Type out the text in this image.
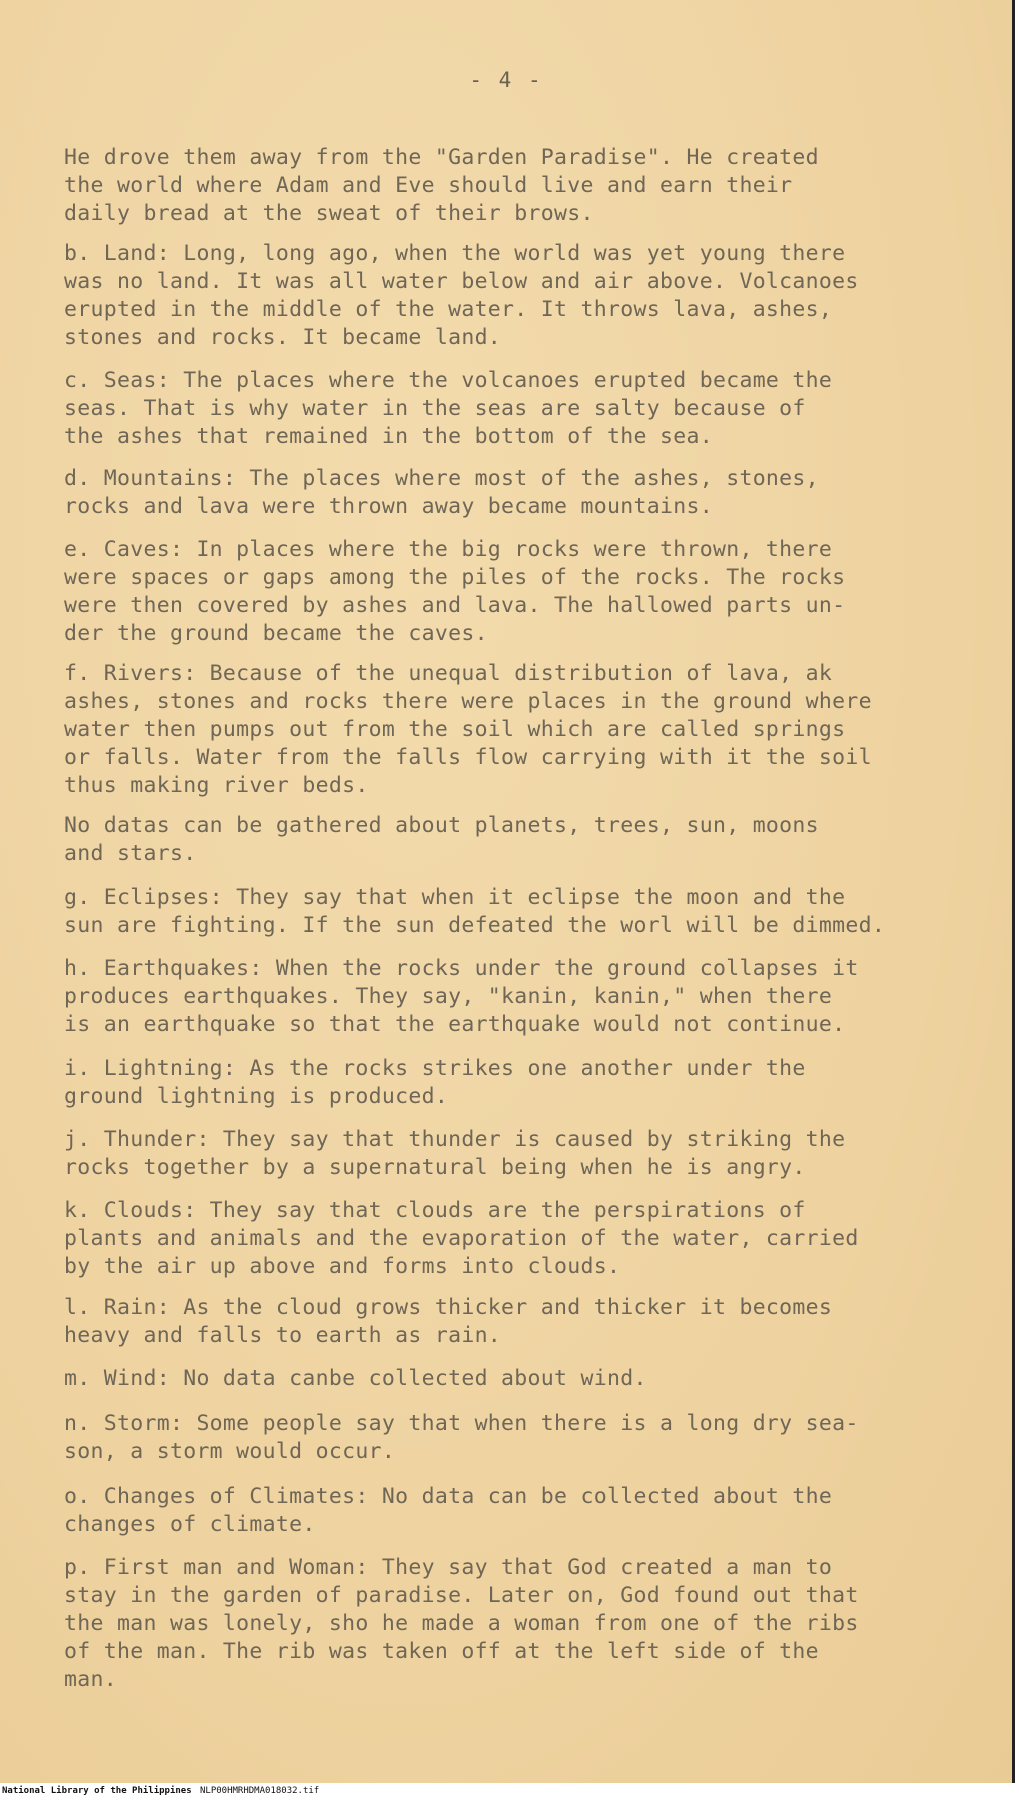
- 4 -

He drove them away from the "Garden Paradise". He created
the world where Adam and Eve should live and earn their
daily bread at the sweat of their brows.

b. Land: Long, long ago, when the world was yet young there
was no land. It was all water below and air above. Volcanoes
erupted in the middle of the water. It throws lava, ashes,
stones and rocks. It became land.

c. Seas: The places where the volcanoes erupted became the
seas. That is why water in the seas are salty because of
the ashes that remained in the bottom of the sea.

d. Mountains: The places where most of the ashes, stones,
rocks and lava were thrown away became mountains.

e. Caves: In places where the big rocks were thrown, there
were spaces or gaps among the piles of the rocks. The rocks
were then covered by ashes and lava. The hallowed parts un-
der the ground became the caves.

f. Rivers: Because of the unequal distribution of lava, ak
ashes, stones and rocks there were places in the ground where
water then pumps out from the soil which are called springs
or falls. Water from the falls flow carrying with it the soil
thus making river beds.

No datas can be gathered about planets, trees, sun, moons
and stars.

g. Eclipses: They say that when it eclipse the moon and the
sun are fighting. If the sun defeated the worl will be dimmed.

h. Earthquakes: When the rocks under the ground collapses it
produces earthquakes. They say, "kanin, kanin," when there
is an earthquake so that the earthquake would not continue.

i. Lightning: As the rocks strikes one another under the
ground lightning is produced.

j. Thunder: They say that thunder is caused by striking the
rocks together by a supernatural being when he is angry.

k. Clouds: They say that clouds are the perspirations of
plants and animals and the evaporation of the water, carried
by the air up above and forms into clouds.

l. Rain: As the cloud grows thicker and thicker it becomes
heavy and falls to earth as rain.

m. Wind: No data canbe collected about wind.

n. Storm: Some people say that when there is a long dry sea-
son, a storm would occur.

o. Changes of Climates: No data can be collected about the
changes of climate.

p. First man and Woman: They say that God created a man to
stay in the garden of paradise. Later on, God found out that
the man was lonely, sho he made a woman from one of the ribs
of the man. The rib was taken off at the left side of the
man.

National Library of the Philippines NLP00HMRHDMA018032.tif
